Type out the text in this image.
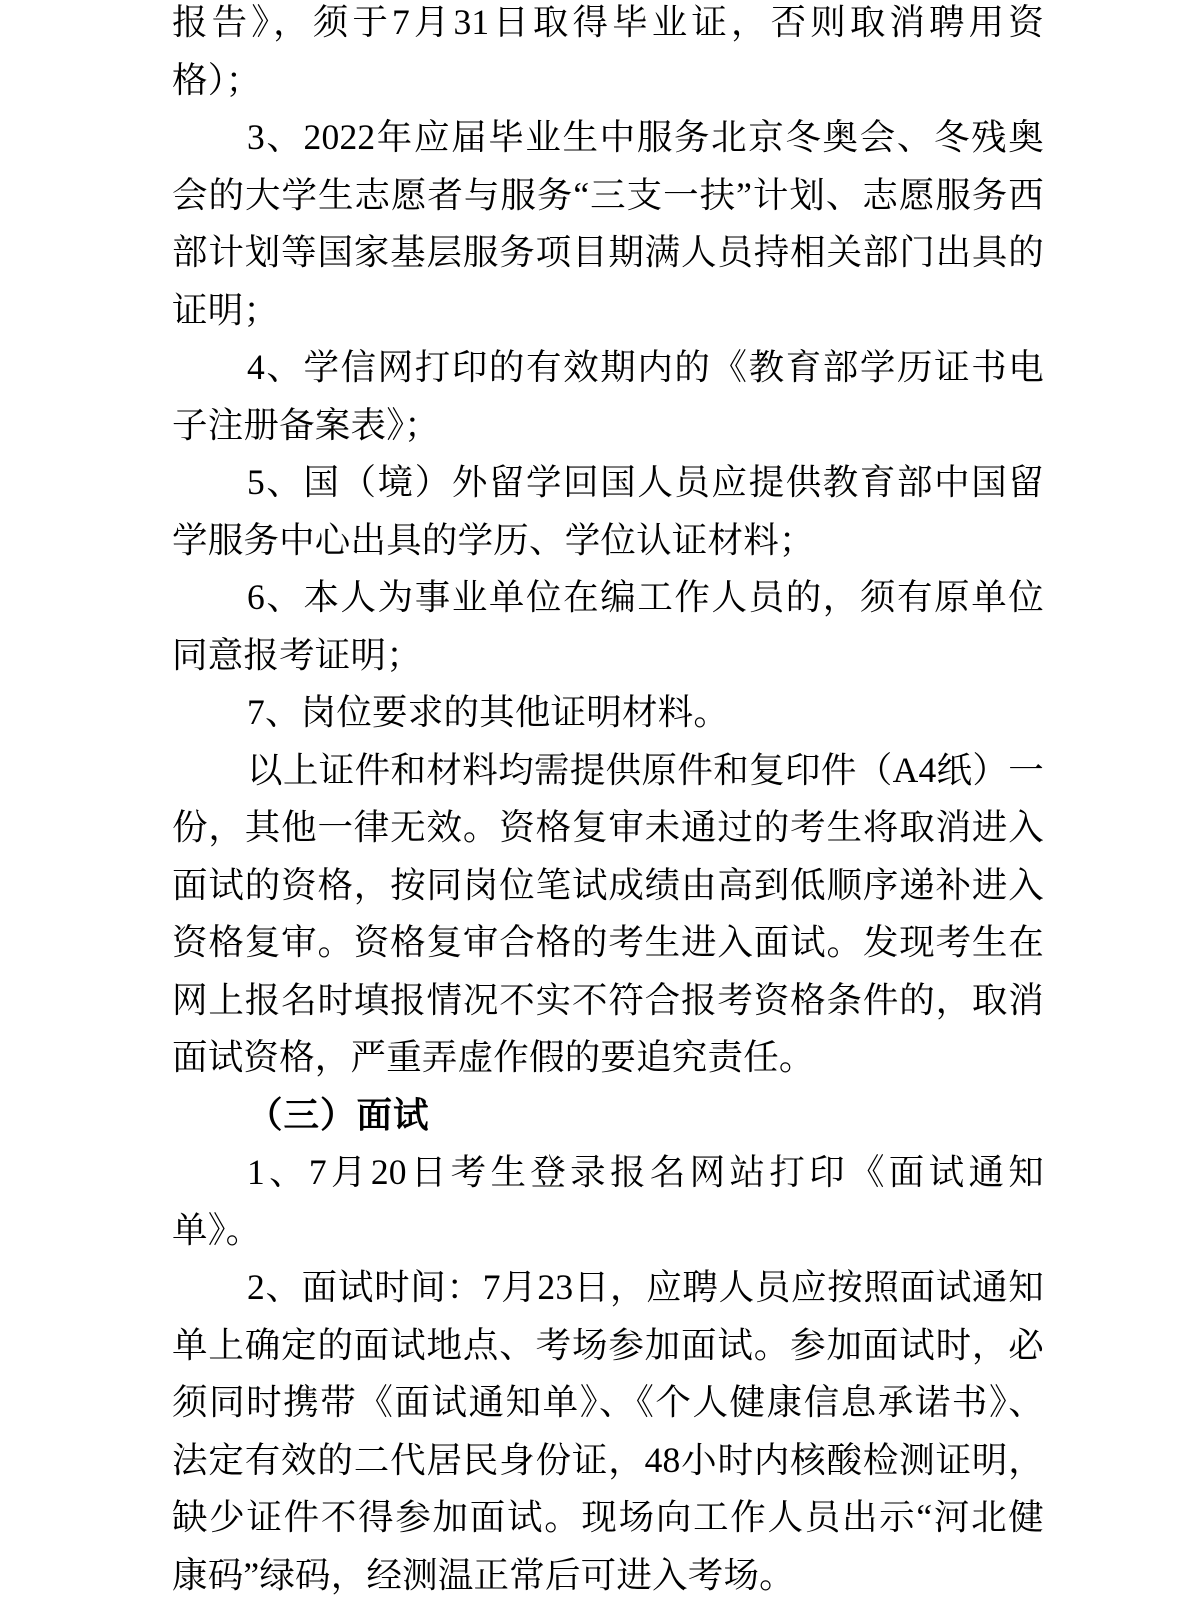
报告》，须于7月31日取得毕业证，否则取消聘用资格）；

3、2022年应届毕业生中服务北京冬奥会、冬残奥会的大学生志愿者与服务“三支一扶”计划、志愿服务西部计划等国家基层服务项目期满人员持相关部门出具的证明；

4、学信网打印的有效期内的《教育部学历证书电子注册备案表》；

5、国（境）外留学回国人员应提供教育部中国留学服务中心出具的学历、学位认证材料；

6、本人为事业单位在编工作人员的，须有原单位同意报考证明；

7、岗位要求的其他证明材料。

以上证件和材料均需提供原件和复印件（A4纸）一份，其他一律无效。资格复审未通过的考生将取消进入面试的资格，按同岗位笔试成绩由高到低顺序递补进入资格复审。资格复审合格的考生进入面试。发现考生在网上报名时填报情况不实不符合报考资格条件的，取消面试资格，严重弄虚作假的要追究责任。

（三）面试

1、7月20日考生登录报名网站打印《面试通知单》。

2、面试时间：7月23日，应聘人员应按照面试通知单上确定的面试地点、考场参加面试。参加面试时，必须同时携带《面试通知单》、《个人健康信息承诺书》、法定有效的二代居民身份证，48小时内核酸检测证明，缺少证件不得参加面试。现场向工作人员出示“河北健康码”绿码，经测温正常后可进入考场。
